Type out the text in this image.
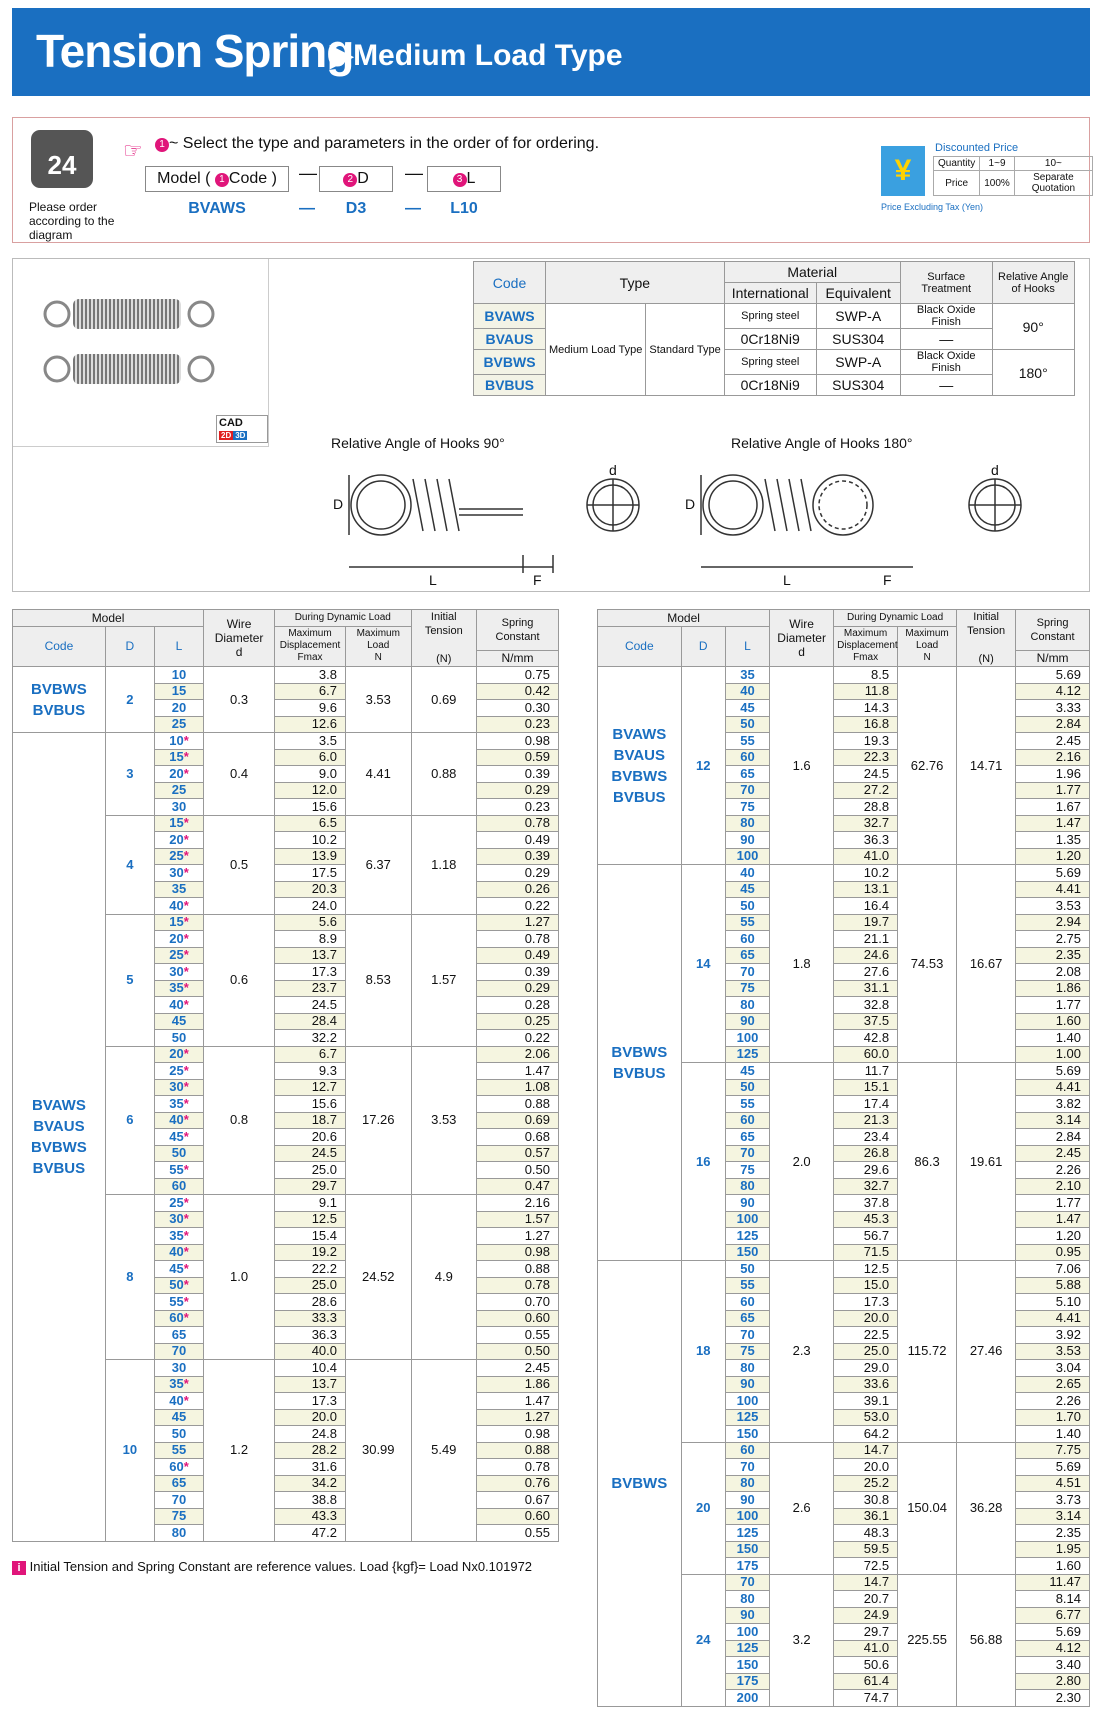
Tension Spring
▶Medium Load Type
24
Please order according to the diagram
☞	1 ~ Select the type and parameters in the order of for ordering.
Model ( 1 Code )	—	2 D	—	3 L
BVAWS	—	D3	—	L10
¥
Discounted Price
Quantity	1~9	10~
Price	100%	Separate Quotation
Price Excluding Tax (Yen)
CAD 2D 3D
Code	Type		Material		Surface Treatment	Relative Angle of Hooks
			International	Equivalent		
BVAWS	Medium Load Type	Standard Type	Spring steel	SWP-A	Black Oxide Finish	90°
BVAUS			0Cr18Ni9	SUS304	—	
BVBWS			Spring steel	SWP-A	Black Oxide Finish	180°
BVBUS			0Cr18Ni9	SUS304	—	
Relative Angle of Hooks 90°	Relative Angle of Hooks 180°
D
L	F
d
D
L	F
d
Model			Wire Diameter
d	During Dynamic Load		Initial Tension

(N)	Spring Constant
Code	D	L		Maximum Displacement
Fmax	Maximum Load
N		
							N/mm
BVBWS
BVBUS	2	10	0.3	3.8	3.53	0.69	0.75
		15		6.7			0.42
		20		9.6			0.30
		25		12.6			0.23
BVAWS
BVAUS
BVBWS
BVBUS	3	10*	0.4	3.5	4.41	0.88	0.98
		15*		6.0			0.59
		20*		9.0			0.39
		25		12.0			0.29
		30		15.6			0.23
	4	15*	0.5	6.5	6.37	1.18	0.78
		20*		10.2			0.49
		25*		13.9			0.39
		30*		17.5			0.29
		35		20.3			0.26
		40*		24.0			0.22
	5	15*	0.6	5.6	8.53	1.57	1.27
		20*		8.9			0.78
		25*		13.7			0.49
		30*		17.3			0.39
		35*		23.7			0.29
		40*		24.5			0.28
		45		28.4			0.25
		50		32.2			0.22
	6	20*	0.8	6.7	17.26	3.53	2.06
		25*		9.3			1.47
		30*		12.7			1.08
		35*		15.6			0.88
		40*		18.7			0.69
		45*		20.6			0.68
		50		24.5			0.57
		55*		25.0			0.50
		60		29.7			0.47
	8	25*	1.0	9.1	24.52	4.9	2.16
		30*		12.5			1.57
		35*		15.4			1.27
		40*		19.2			0.98
		45*		22.2			0.88
		50*		25.0			0.78
		55*		28.6			0.70
		60*		33.3			0.60
		65		36.3			0.55
		70		40.0			0.50
	10	30	1.2	10.4	30.99	5.49	2.45
		35*		13.7			1.86
		40*		17.3			1.47
		45		20.0			1.27
		50		24.8			0.98
		55		28.2			0.88
		60*		31.6			0.78
		65		34.2			0.76
		70		38.8			0.67
		75		43.3			0.60
		80		47.2			0.55
Model			Wire Diameter
d	During Dynamic Load		Initial Tension

(N)	Spring Constant
Code	D	L		Maximum Displacement
Fmax	Maximum Load
N		
							N/mm
BVAWS
BVAUS
BVBWS
BVBUS	12	35	1.6	8.5	62.76	14.71	5.69
		40		11.8			4.12
		45		14.3			3.33
		50		16.8			2.84
		55		19.3			2.45
		60		22.3			2.16
		65		24.5			1.96
		70		27.2			1.77
		75		28.8			1.67
		80		32.7			1.47
		90		36.3			1.35
		100		41.0			1.20
BVBWS
BVBUS	14	40	1.8	10.2	74.53	16.67	5.69
		45		13.1			4.41
		50		16.4			3.53
		55		19.7			2.94
		60		21.1			2.75
		65		24.6			2.35
		70		27.6			2.08
		75		31.1			1.86
		80		32.8			1.77
		90		37.5			1.60
		100		42.8			1.40
		125		60.0			1.00
	16	45	2.0	11.7	86.3	19.61	5.69
		50		15.1			4.41
		55		17.4			3.82
		60		21.3			3.14
		65		23.4			2.84
		70		26.8			2.45
		75		29.6			2.26
		80		32.7			2.10
		90		37.8			1.77
		100		45.3			1.47
		125		56.7			1.20
		150		71.5			0.95
BVBWS	18	50	2.3	12.5	115.72	27.46	7.06
		55		15.0			5.88
		60		17.3			5.10
		65		20.0			4.41
		70		22.5			3.92
		75		25.0			3.53
		80		29.0			3.04
		90		33.6			2.65
		100		39.1			2.26
		125		53.0			1.70
		150		64.2			1.40
	20	60	2.6	14.7	150.04	36.28	7.75
		70		20.0			5.69
		80		25.2			4.51
		90		30.8			3.73
		100		36.1			3.14
		125		48.3			2.35
		150		59.5			1.95
		175		72.5			1.60
	24	70	3.2	14.7	225.55	56.88	11.47
		80		20.7			8.14
		90		24.9			6.77
		100		29.7			5.69
		125		41.0			4.12
		150		50.6			3.40
		175		61.4			2.80
		200		74.7			2.30
i Initial Tension and Spring Constant are reference values. Load {kgf}= Load Nx0.101972
